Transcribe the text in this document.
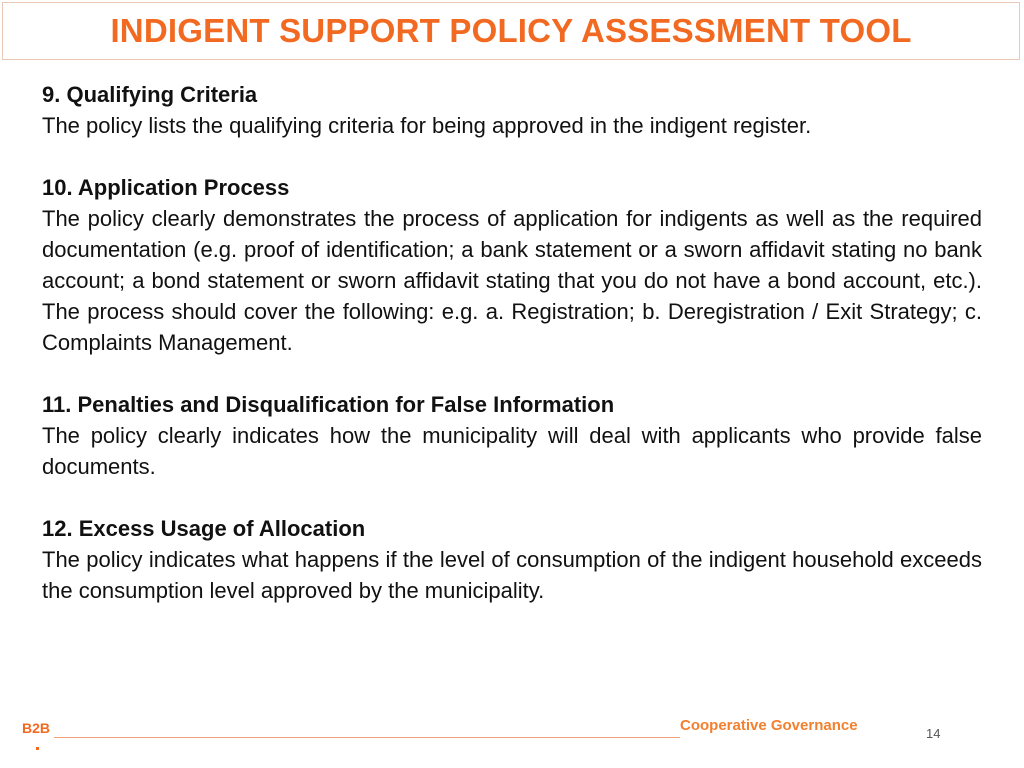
INDIGENT SUPPORT POLICY ASSESSMENT TOOL
9. Qualifying Criteria

The policy lists the qualifying criteria for being approved in the indigent register.

10. Application Process

The policy clearly demonstrates the process of application for indigents as well as the required documentation (e.g. proof of identification; a bank statement or a sworn affidavit stating no bank account; a bond statement or sworn affidavit stating that you do not have a bond account, etc.). The process should cover the following: e.g. a. Registration; b. Deregistration / Exit Strategy; c. Complaints Management.

11. Penalties and Disqualification for False Information

The policy clearly indicates how the municipality will deal with applicants who provide false documents.

12. Excess Usage of Allocation

The policy indicates what happens if the level of consumption of the indigent household exceeds the consumption level approved by the municipality.

B2B	Cooperative Governance	14
